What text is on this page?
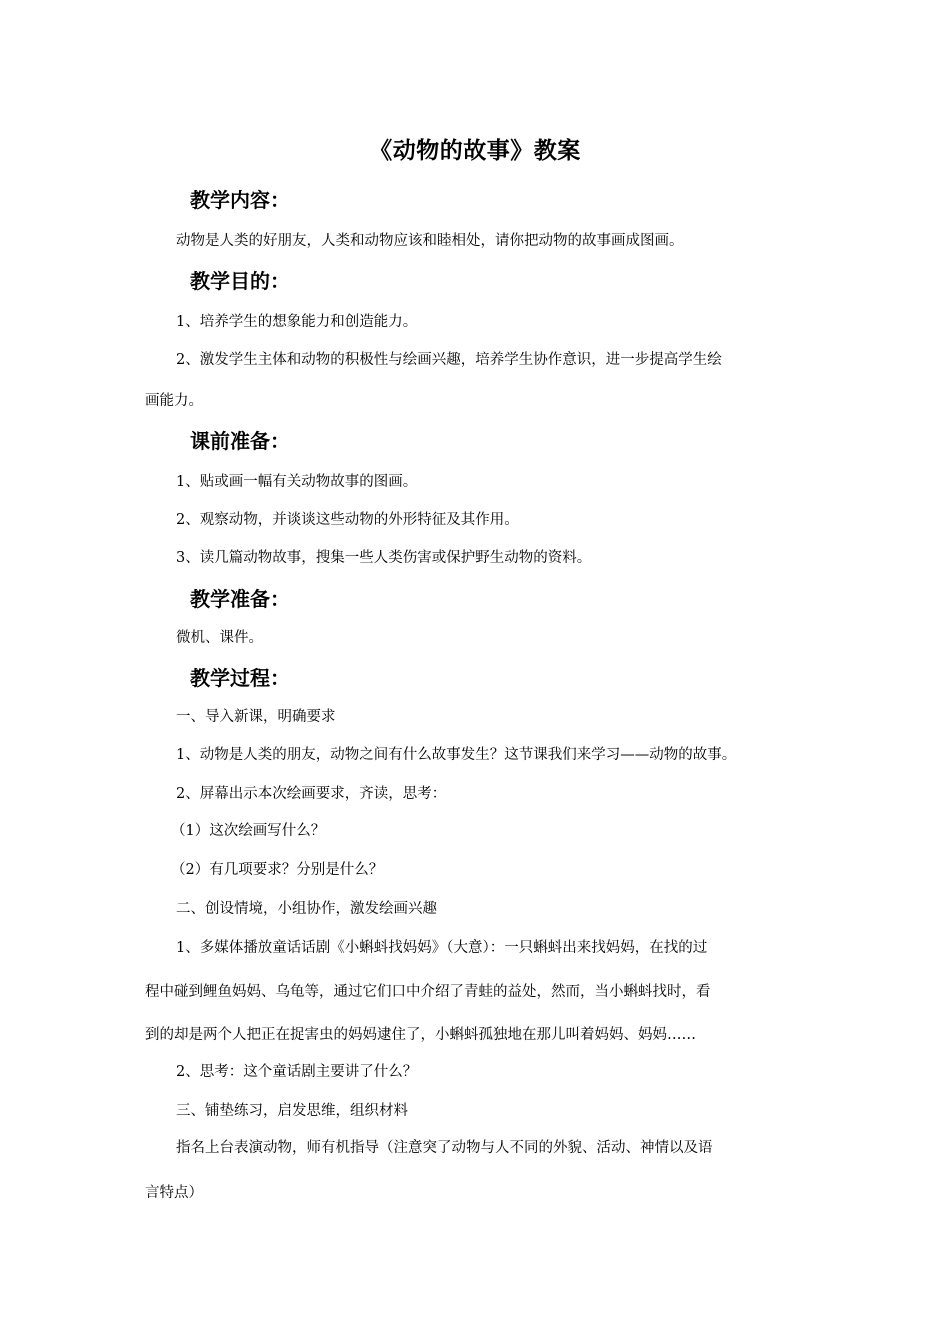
《动物的故事》教案
教学内容：
动物是人类的好朋友，人类和动物应该和睦相处，请你把动物的故事画成图画。
教学目的：
1、培养学生的想象能力和创造能力。
2、激发学生主体和动物的积极性与绘画兴趣，培养学生协作意识，进一步提高学生绘
画能力。
课前准备：
1、贴或画一幅有关动物故事的图画。
2、观察动物，并谈谈这些动物的外形特征及其作用。
3、读几篇动物故事，搜集一些人类伤害或保护野生动物的资料。
教学准备：
微机、课件。
教学过程：
一、导入新课，明确要求
1、动物是人类的朋友，动物之间有什么故事发生？这节课我们来学习——动物的故事。
2、屏幕出示本次绘画要求，齐读，思考：
（1）这次绘画写什么？
（2）有几项要求？分别是什么？
二、创设情境，小组协作，激发绘画兴趣
1、多媒体播放童话话剧《小蝌蚪找妈妈》（大意）：一只蝌蚪出来找妈妈，在找的过
程中碰到鲤鱼妈妈、乌龟等，通过它们口中介绍了青蛙的益处，然而，当小蝌蚪找时，看
到的却是两个人把正在捉害虫的妈妈逮住了，小蝌蚪孤独地在那儿叫着妈妈、妈妈……
2、思考：这个童话剧主要讲了什么？
三、铺垫练习，启发思维，组织材料
指名上台表演动物，师有机指导（注意突了动物与人不同的外貌、活动、神情以及语
言特点）
